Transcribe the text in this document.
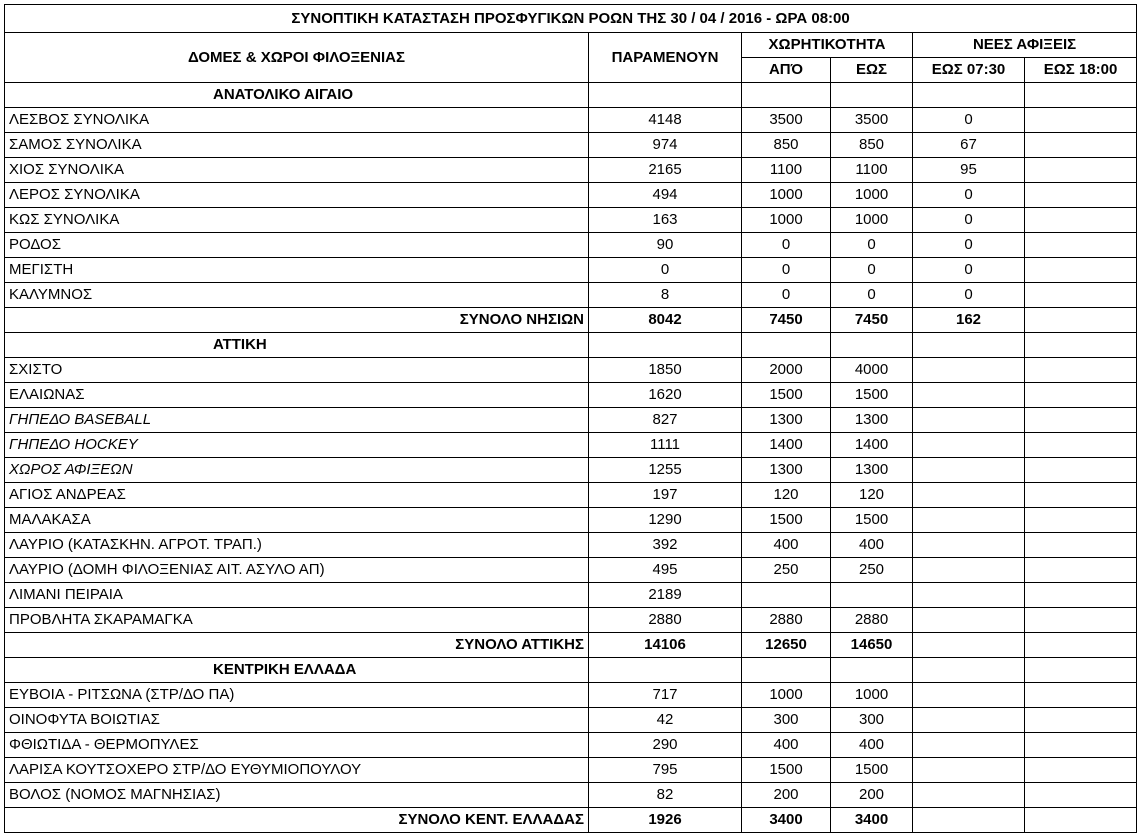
ΣΥΝΟΠΤΙΚΗ ΚΑΤΑΣΤΑΣΗ ΠΡΟΣΦΥΓΙΚΩΝ ΡΟΩΝ ΤΗΣ 30 / 04 / 2016 - ΩΡΑ 08:00					
ΔΟΜΕΣ & ΧΩΡΟΙ ΦΙΛΟΞΕΝΙΑΣ	ΠΑΡΑΜΕΝΟΥΝ	ΧΩΡΗΤΙΚΟΤΗΤΑ		ΝΕΕΣ ΑΦΙΞΕΙΣ	
		ΑΠΌ	ΕΩΣ	ΕΩΣ 07:30	ΕΩΣ 18:00
ΑΝΑΤΟΛΙΚΟ ΑΙΓΑΙΟ					
ΛΕΣΒΟΣ ΣΥΝΟΛΙΚΑ	4148	3500	3500	0	
ΣΑΜΟΣ ΣΥΝΟΛΙΚΑ	974	850	850	67	
ΧΙΟΣ ΣΥΝΟΛΙΚΑ	2165	1100	1100	95	
ΛΕΡΟΣ ΣΥΝΟΛΙΚΑ	494	1000	1000	0	
ΚΩΣ ΣΥΝΟΛΙΚΑ	163	1000	1000	0	
ΡΟΔΟΣ	90	0	0	0	
ΜΕΓΙΣΤΗ	0	0	0	0	
ΚΑΛΥΜΝΟΣ	8	0	0	0	
ΣΥΝΟΛΟ ΝΗΣΙΩΝ	8042	7450	7450	162	
ΑΤΤΙΚΗ					
ΣΧΙΣΤΟ	1850	2000	4000		
ΕΛΑΙΩΝΑΣ	1620	1500	1500		
ΓΗΠΕΔΟ BASEBALL	827	1300	1300		
ΓΗΠΕΔΟ HOCKEY	1111	1400	1400		
ΧΩΡΟΣ ΑΦΙΞΕΩΝ	1255	1300	1300		
ΑΓΙΟΣ ΑΝΔΡΕΑΣ	197	120	120		
ΜΑΛΑΚΑΣΑ	1290	1500	1500		
ΛΑΥΡΙΟ (ΚΑΤΑΣΚΗΝ. ΑΓΡΟΤ. ΤΡΑΠ.)	392	400	400		
ΛΑΥΡΙΟ (ΔΟΜΗ ΦΙΛΟΞΕΝΙΑΣ ΑΙΤ. ΑΣΥΛΟ ΑΠ)	495	250	250		
ΛΙΜΑΝΙ ΠΕΙΡΑΙΑ	2189				
ΠΡΟΒΛΗΤΑ ΣΚΑΡΑΜΑΓΚΑ	2880	2880	2880		
ΣΥΝΟΛΟ ΑΤΤΙΚΗΣ	14106	12650	14650		
ΚΕΝΤΡΙΚΗ ΕΛΛΑΔΑ					
ΕΥΒΟΙΑ - ΡΙΤΣΩΝΑ (ΣΤΡ/ΔΟ ΠΑ)	717	1000	1000		
ΟΙΝΟΦΥΤΑ ΒΟΙΩΤΙΑΣ	42	300	300		
ΦΘΙΩΤΙΔΑ - ΘΕΡΜΟΠΥΛΕΣ	290	400	400		
ΛΑΡΙΣΑ ΚΟΥΤΣΟΧΕΡΟ ΣΤΡ/ΔΟ ΕΥΘΥΜΙΟΠΟΥΛΟΥ	795	1500	1500		
ΒΟΛΟΣ (ΝΟΜΟΣ ΜΑΓΝΗΣΙΑΣ)	82	200	200		
ΣΥΝΟΛΟ ΚΕΝΤ. ΕΛΛΑΔΑΣ	1926	3400	3400		
